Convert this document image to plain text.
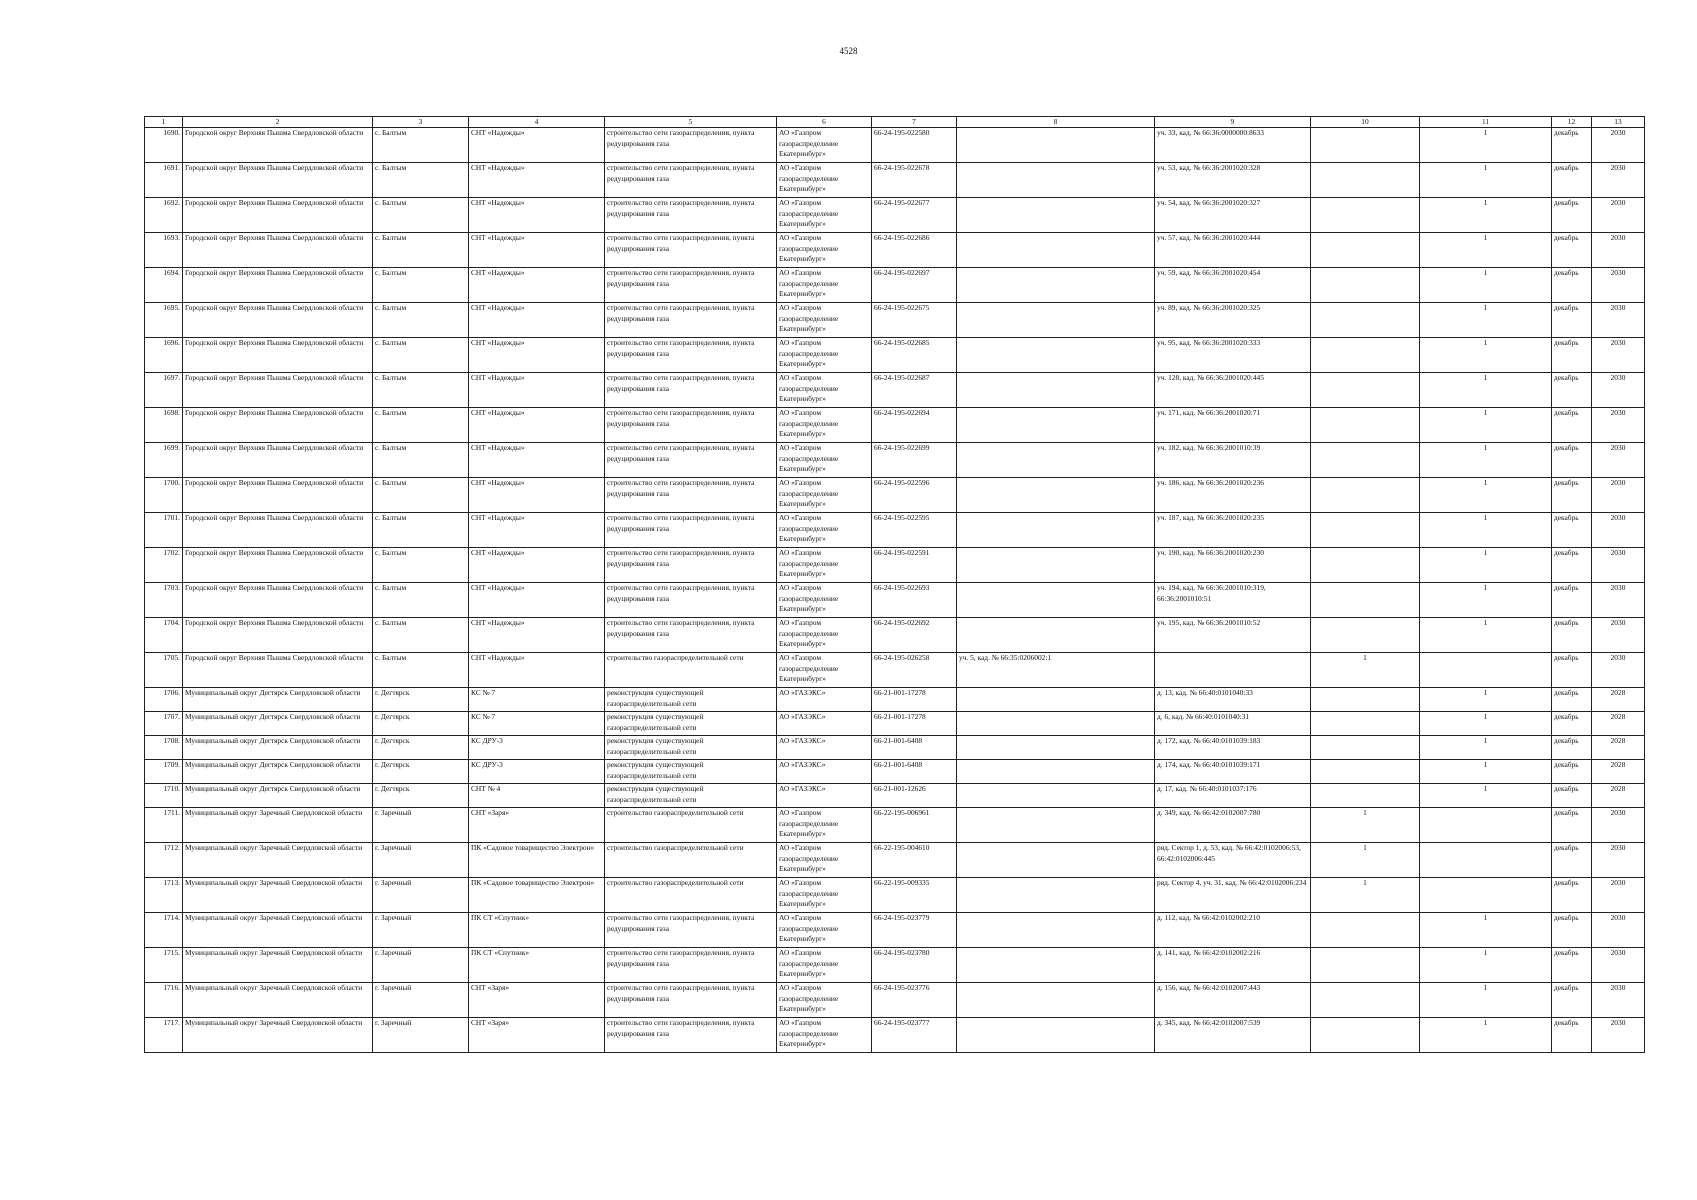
4528
1	2	3	4	5	6	7	8	9	10	11	12	13
1690.	Городской округ Верхняя Пышма Свердловской области	с. Балтым	СНТ «Надежды»	строительство сети газораспределения, пункта редуцирования газа	АО «Газпром газораспределение Екатеринбург»	66-24-195-022580		уч. 33, кад. № 66:36:0000000:8633		1	декабрь	2030
1691.	Городской округ Верхняя Пышма Свердловской области	с. Балтым	СНТ «Надежды»	строительство сети газораспределения, пункта редуцирования газа	АО «Газпром газораспределение Екатеринбург»	66-24-195-022678		уч. 53, кад. № 66:36:2001020:328		1	декабрь	2030
1692.	Городской округ Верхняя Пышма Свердловской области	с. Балтым	СНТ «Надежды»	строительство сети газораспределения, пункта редуцирования газа	АО «Газпром газораспределение Екатеринбург»	66-24-195-022677		уч. 54, кад. № 66:36:2001020:327		1	декабрь	2030
1693.	Городской округ Верхняя Пышма Свердловской области	с. Балтым	СНТ «Надежды»	строительство сети газораспределения, пункта редуцирования газа	АО «Газпром газораспределение Екатеринбург»	66-24-195-022686		уч. 57, кад. № 66:36:2001020:444		1	декабрь	2030
1694.	Городской округ Верхняя Пышма Свердловской области	с. Балтым	СНТ «Надежды»	строительство сети газораспределения, пункта редуцирования газа	АО «Газпром газораспределение Екатеринбург»	66-24-195-022697		уч. 59, кад. № 66:36:2001020:454		1	декабрь	2030
1695.	Городской округ Верхняя Пышма Свердловской области	с. Балтым	СНТ «Надежды»	строительство сети газораспределения, пункта редуцирования газа	АО «Газпром газораспределение Екатеринбург»	66-24-195-022675		уч. 89, кад. № 66:36:2001020:325		1	декабрь	2030
1696.	Городской округ Верхняя Пышма Свердловской области	с. Балтым	СНТ «Надежды»	строительство сети газораспределения, пункта редуцирования газа	АО «Газпром газораспределение Екатеринбург»	66-24-195-022685		уч. 95, кад. № 66:36:2001020:333		1	декабрь	2030
1697.	Городской округ Верхняя Пышма Свердловской области	с. Балтым	СНТ «Надежды»	строительство сети газораспределения, пункта редуцирования газа	АО «Газпром газораспределение Екатеринбург»	66-24-195-022687		уч. 128, кад. № 66:36:2001020:445		1	декабрь	2030
1698.	Городской округ Верхняя Пышма Свердловской области	с. Балтым	СНТ «Надежды»	строительство сети газораспределения, пункта редуцирования газа	АО «Газпром газораспределение Екатеринбург»	66-24-195-022694		уч. 171, кад. № 66:36:2001020:71		1	декабрь	2030
1699.	Городской округ Верхняя Пышма Свердловской области	с. Балтым	СНТ «Надежды»	строительство сети газораспределения, пункта редуцирования газа	АО «Газпром газораспределение Екатеринбург»	66-24-195-022699		уч. 182, кад. № 66:36:2001010:39		1	декабрь	2030
1700.	Городской округ Верхняя Пышма Свердловской области	с. Балтым	СНТ «Надежды»	строительство сети газораспределения, пункта редуцирования газа	АО «Газпром газораспределение Екатеринбург»	66-24-195-022596		уч. 186, кад. № 66:36:2001020:236		1	декабрь	2030
1701.	Городской округ Верхняя Пышма Свердловской области	с. Балтым	СНТ «Надежды»	строительство сети газораспределения, пункта редуцирования газа	АО «Газпром газораспределение Екатеринбург»	66-24-195-022595		уч. 187, кад. № 66:36:2001020:235		1	декабрь	2030
1702.	Городской округ Верхняя Пышма Свердловской области	с. Балтым	СНТ «Надежды»	строительство сети газораспределения, пункта редуцирования газа	АО «Газпром газораспределение Екатеринбург»	66-24-195-022591		уч. 190, кад. № 66:36:2001020:230		1	декабрь	2030
1703.	Городской округ Верхняя Пышма Свердловской области	с. Балтым	СНТ «Надежды»	строительство сети газораспределения, пункта редуцирования газа	АО «Газпром газораспределение Екатеринбург»	66-24-195-022693		уч. 194, кад. № 66:36:2001010:319, 66:36:2001010:51		1	декабрь	2030
1704.	Городской округ Верхняя Пышма Свердловской области	с. Балтым	СНТ «Надежды»	строительство сети газораспределения, пункта редуцирования газа	АО «Газпром газораспределение Екатеринбург»	66-24-195-022692		уч. 195, кад. № 66:36:2001010:52		1	декабрь	2030
1705.	Городской округ Верхняя Пышма Свердловской области	с. Балтым	СНТ «Надежды»	строительство газораспределительной сети	АО «Газпром газораспределение Екатеринбург»	66-24-195-026258	уч. 5, кад. № 66:35:0206002:1		1		декабрь	2030
1706.	Муниципальный округ Дегтярск Свердловской области	г. Дегтярск	КС № 7	реконструкция существующей газораспределительной сети	АО «ГАЗЭКС»	66-21-001-17278		д. 13, кад. № 66:40:0101040:33		1	декабрь	2028
1707.	Муниципальный округ Дегтярск Свердловской области	г. Дегтярск	КС № 7	реконструкция существующей газораспределительной сети	АО «ГАЗЭКС»	66-21-001-17278		д. 6, кад. № 66:40:0101040:31		1	декабрь	2028
1708.	Муниципальный округ Дегтярск Свердловской области	г. Дегтярск	КС ДРУ-3	реконструкция существующей газораспределительной сети	АО «ГАЗЭКС»	66-21-001-6408		д. 172, кад. № 66:40:0101039:183		1	декабрь	2028
1709.	Муниципальный округ Дегтярск Свердловской области	г. Дегтярск	КС ДРУ-3	реконструкция существующей газораспределительной сети	АО «ГАЗЭКС»	66-21-001-6408		д. 174, кад. № 66:40:0101039:171		1	декабрь	2028
1710.	Муниципальный округ Дегтярск Свердловской области	г. Дегтярск	СНТ № 4	реконструкция существующей газораспределительной сети	АО «ГАЗЭКС»	66-21-001-12626		д. 17, кад. № 66:40:0101037:176		1	декабрь	2028
1711.	Муниципальный округ Заречный Свердловской области	г. Заречный	СНТ «Заря»	строительство газораспределительной сети	АО «Газпром газораспределение Екатеринбург»	66-22-195-006961		д. 349, кад. № 66:42:0102007:780	1		декабрь	2030
1712.	Муниципальный округ Заречный Свердловской области	г. Заречный	ПК «Садовое товарищество Электрон»	строительство газораспределительной сети	АО «Газпром газораспределение Екатеринбург»	66-22-195-004610		ряд. Сектор 1, д. 53, кад. № 66:42:0102006:53, 66:42:0102006:445	1		декабрь	2030
1713.	Муниципальный округ Заречный Свердловской области	г. Заречный	ПК «Садовое товарищество Электрон»	строительство газораспределительной сети	АО «Газпром газораспределение Екатеринбург»	66-22-195-009335		ряд. Сектор 4, уч. 31, кад. № 66:42:0102006:234	1		декабрь	2030
1714.	Муниципальный округ Заречный Свердловской области	г. Заречный	ПК СТ «Спутник»	строительство сети газораспределения, пункта редуцирования газа	АО «Газпром газораспределение Екатеринбург»	66-24-195-023779		д. 112, кад. № 66:42:0102002:210		1	декабрь	2030
1715.	Муниципальный округ Заречный Свердловской области	г. Заречный	ПК СТ «Спутник»	строительство сети газораспределения, пункта редуцирования газа	АО «Газпром газораспределение Екатеринбург»	66-24-195-023780		д. 141, кад. № 66:42:0102002:216		1	декабрь	2030
1716.	Муниципальный округ Заречный Свердловской области	г. Заречный	СНТ «Заря»	строительство сети газораспределения, пункта редуцирования газа	АО «Газпром газораспределение Екатеринбург»	66-24-195-023776		д. 156, кад. № 66:42:0102007:443		1	декабрь	2030
1717.	Муниципальный округ Заречный Свердловской области	г. Заречный	СНТ «Заря»	строительство сети газораспределения, пункта редуцирования газа	АО «Газпром газораспределение Екатеринбург»	66-24-195-023777		д. 345, кад. № 66:42:0102007:539		1	декабрь	2030
